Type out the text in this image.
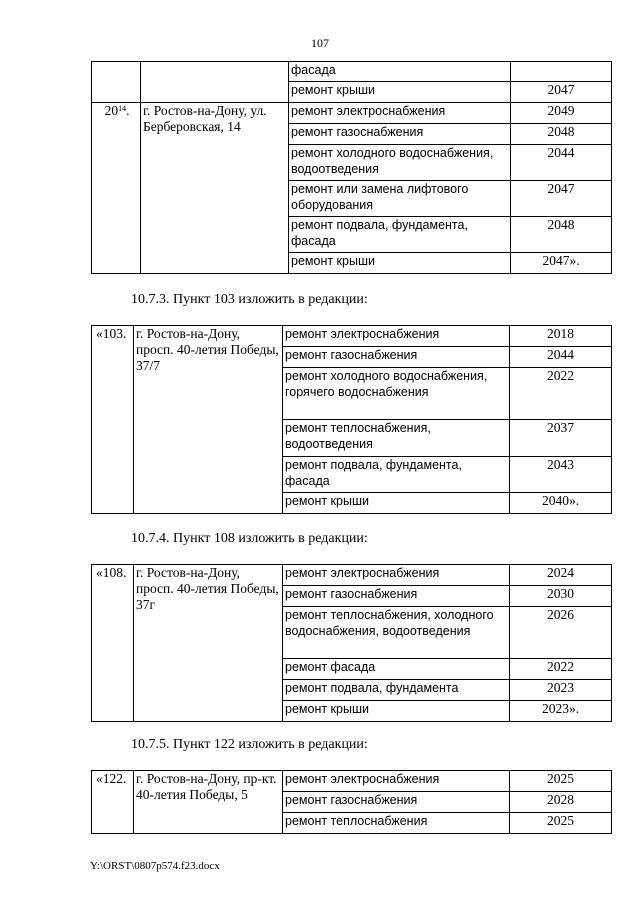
107
		фасада	
		ремонт крыши	2047
$20^{14}$.	г. Ростов-на-Дону, ул. Берберовская, 14	ремонт электроснабжения	2049
		ремонт газоснабжения	2048
		ремонт холодного водоснабжения, водоотведения	2044
		ремонт или замена лифтового оборудования	2047
		ремонт подвала, фундамента, фасада	2048
		ремонт крыши	2047».
10.7.3. Пункт 103 изложить в редакции:
«103.	г. Ростов-на-Дону, просп. 40-летия Победы, 37/7	ремонт электроснабжения	2018
		ремонт газоснабжения	2044
		ремонт холодного водоснабжения, горячего водоснабжения	2022
		ремонт теплоснабжения, водоотведения	2037
		ремонт подвала, фундамента, фасада	2043
		ремонт крыши	2040».
10.7.4. Пункт 108 изложить в редакции:
«108.	г. Ростов-на-Дону, просп. 40-летия Победы, 37г	ремонт электроснабжения	2024
		ремонт газоснабжения	2030
		ремонт теплоснабжения, холодного водоснабжения, водоотведения	2026
		ремонт фасада	2022
		ремонт подвала, фундамента	2023
		ремонт крыши	2023».
10.7.5. Пункт 122 изложить в редакции:
«122.	г. Ростов-на-Дону, пр-кт. 40-летия Победы, 5	ремонт электроснабжения	2025
		ремонт газоснабжения	2028
		ремонт теплоснабжения	2025
Y:\ORST\0807p574.f23.docx
